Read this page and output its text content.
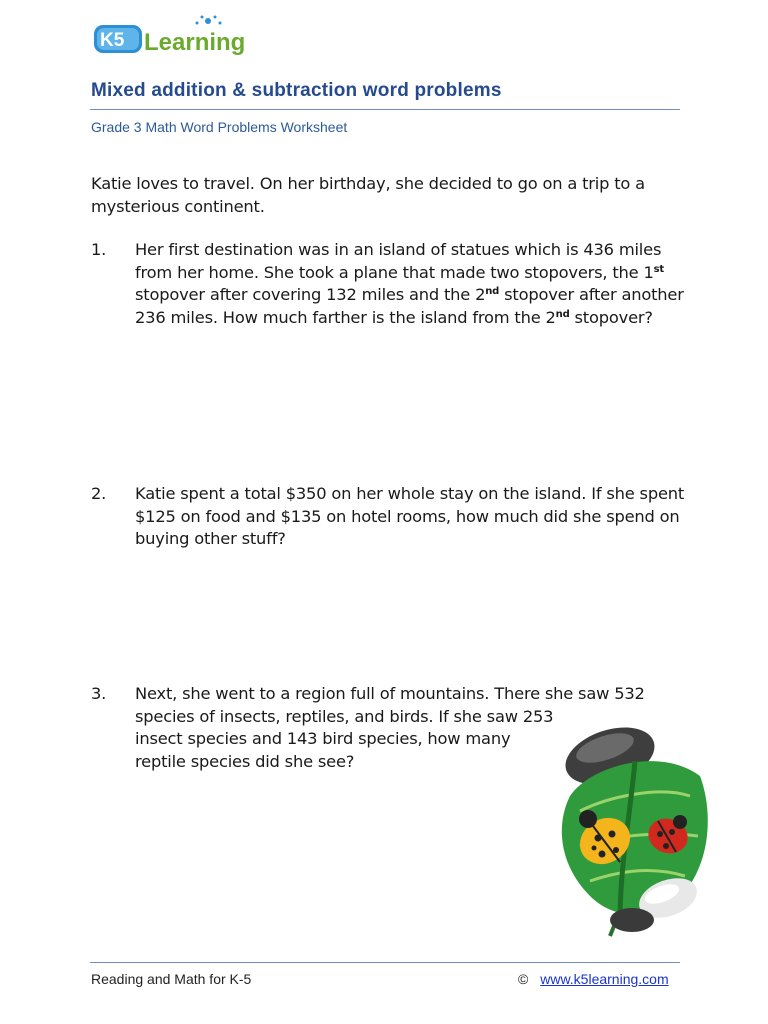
K5 Learning
Mixed addition & subtraction word problems
Grade 3 Math Word Problems Worksheet
Katie loves to travel. On her birthday, she decided to go on a trip to a mysterious continent.
1.	Her first destination was in an island of statues which is 436 miles from her home. She took a plane that made two stopovers, the 1st stopover after covering 132 miles and the 2nd stopover after another 236 miles. How much farther is the island from the 2nd stopover?
2.	Katie spent a total $350 on her whole stay on the island. If she spent $125 on food and $135 on hotel rooms, how much did she spend on buying other stuff?
3.	Next, she went to a region full of mountains. There she saw 532
species of insects, reptiles, and birds. If she saw 253
insect species and 143 bird species, how many
reptile species did she see?
Reading and Math for K-5	© www.k5learning.com
